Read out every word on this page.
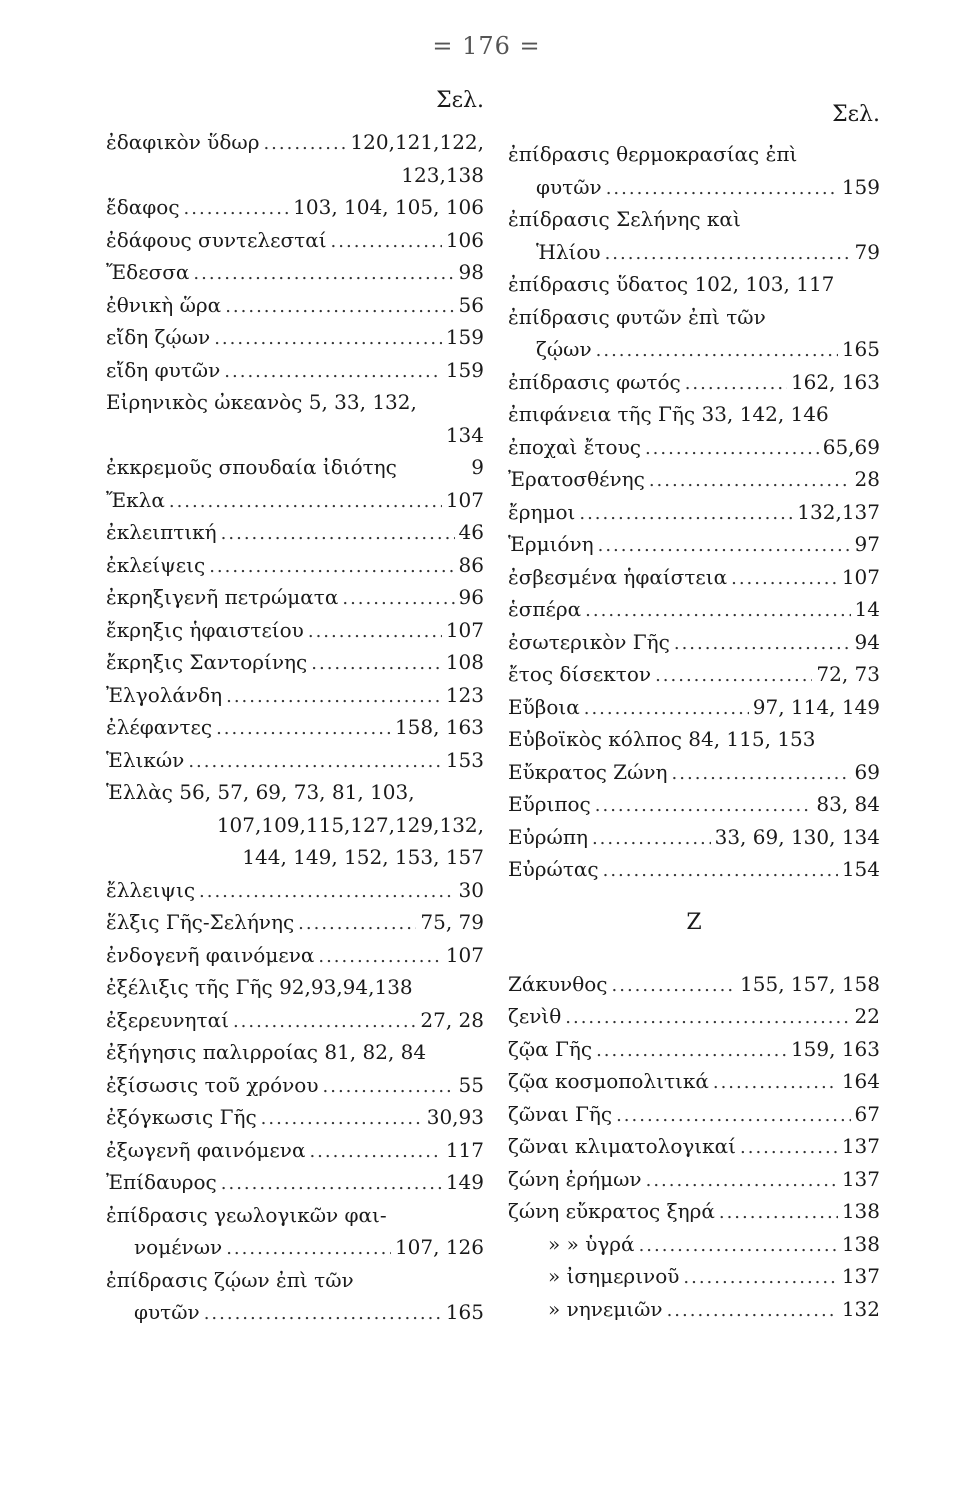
= 176 =
Σελ.
ἐδαφικὸν ὕδωρ .....	120,121,122,
123,138
ἔδαφος .....	103, 104, 105, 106
ἐδάφους συντελεσταί .....	106
Ἔδεσσα .....	98
ἐθνικὴ ὥρα .....	56
εἴδη ζῴων .....	159
εἴδη φυτῶν .....	159
Εἰρηνικὸς ὠκεανὸς 5, 33, 132,
134
ἐκκρεμοῦς σπουδαία ἰδιότης	9
Ἔκλα .....	107
ἐκλειπτική .....	46
ἐκλείψεις .....	86
ἐκρηξιγενῆ πετρώματα .....	96
ἔκρηξις ἡφαιστείου .....	107
ἔκρηξις Σαντορίνης .....	108
Ἐλγολάνδη .....	123
ἐλέφαντες .....	158, 163
Ἑλικών .....	153
Ἑλλὰς 56, 57, 69, 73, 81, 103,
107,109,115,127,129,132,
144, 149, 152, 153, 157
ἔλλειψις .....	30
ἕλξις Γῆς-Σελήνης .....	75, 79
ἐνδογενῆ φαινόμενα .....	107
ἐξέλιξις τῆς Γῆς 92,93,94,138
ἐξερευνηταί .....	27, 28
ἐξήγησις παλιρροίας 81, 82, 84
ἐξίσωσις τοῦ χρόνου .....	55
ἐξόγκωσις Γῆς .....	30,93
ἐξωγενῆ φαινόμενα .....	117
Ἐπίδαυρος .....	149
ἐπίδρασις γεωλογικῶν φαι-
νομένων .....	107, 126
ἐπίδρασις ζῴων ἐπὶ τῶν
φυτῶν .....	165
Σελ.
ἐπίδρασις θερμοκρασίας ἐπὶ
φυτῶν .....	159
ἐπίδρασις Σελήνης καὶ
Ἡλίου .....	79
ἐπίδρασις ὕδατος 102, 103, 117
ἐπίδρασις φυτῶν ἐπὶ τῶν
ζῴων .....	165
ἐπίδρασις φωτός .....	162, 163
ἐπιφάνεια τῆς Γῆς 33, 142, 146
ἐποχαὶ ἔτους .....	65,69
Ἐρατοσθένης .....	28
ἔρημοι .....	132,137
Ἑρμιόνη .....	97
ἐσβεσμένα ἡφαίστεια .....	107
ἑσπέρα .....	14
ἐσωτερικὸν Γῆς .....	94
ἔτος δίσεκτον .....	72, 73
Εὔβοια .....	97, 114, 149
Εὐβοϊκὸς κόλπος 84, 115, 153
Εὔκρατος Ζώνη .....	69
Εὔριπος .....	83, 84
Εὐρώπη .....	33, 69, 130, 134
Εὐρώτας .....	154
Ζ
Ζάκυνθος .....	155, 157, 158
ζενὶθ .....	22
ζῷα Γῆς .....	159, 163
ζῷα κοσμοπολιτικά .....	164
ζῶναι Γῆς .....	67
ζῶναι κλιματολογικαί .....	137
ζώνη ἐρήμων .....	137
ζώνη εὔκρατος ξηρά .....	138
» » ὑγρά .....	138
» ἰσημερινοῦ .....	137
» νηνεμιῶν .....	132
